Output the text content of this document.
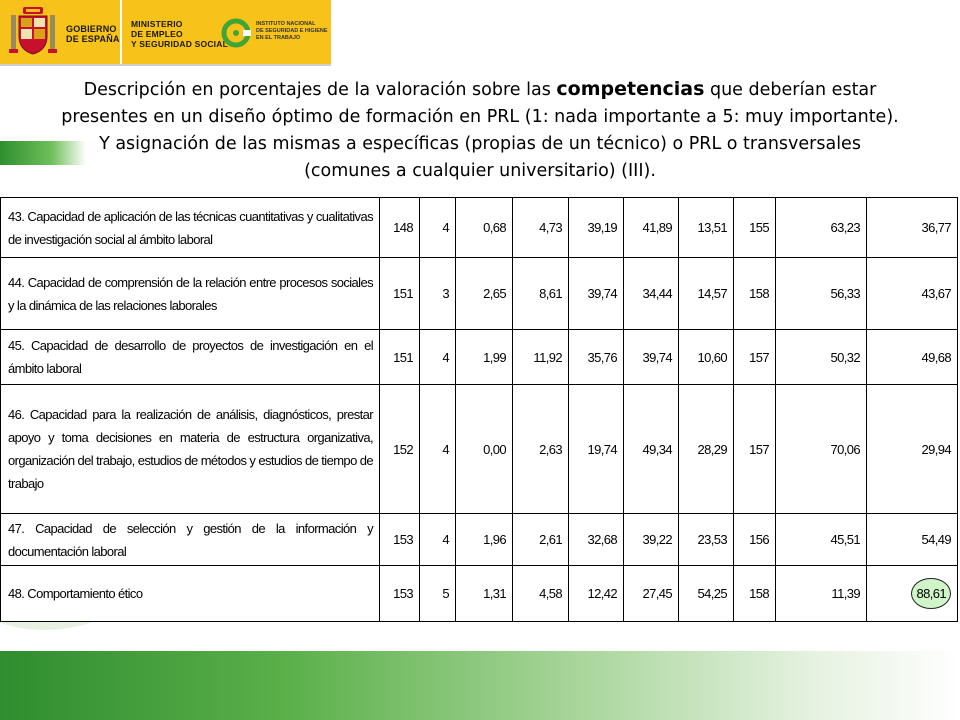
GOBIERNO
DE ESPAÑA
MINISTERIO
DE EMPLEO
Y SEGURIDAD SOCIAL
INSTITUTO NACIONAL
DE SEGURIDAD E HIGIENE
EN EL TRABAJO
Descripción en porcentajes de la valoración sobre las competencias que deberían estar presentes en un diseño óptimo de formación en PRL (1: nada importante a 5: muy importante). Y asignación de las mismas a específicas (propias de un técnico) o PRL o transversales (comunes a cualquier universitario) (III).
43. Capacidad de aplicación de las técnicas cuantitativas y cualitativas de investigación social al ámbito laboral	148	4	0,68	4,73	39,19	41,89	13,51	155	63,23	36,77
44. Capacidad de comprensión de la relación entre procesos sociales y la dinámica de las relaciones laborales	151	3	2,65	8,61	39,74	34,44	14,57	158	56,33	43,67
45. Capacidad de desarrollo de proyectos de investigación en el ámbito laboral	151	4	1,99	11,92	35,76	39,74	10,60	157	50,32	49,68
46. Capacidad para la realización de análisis, diagnósticos, prestar apoyo y toma decisiones en materia de estructura organizativa, organización del trabajo, estudios de métodos y estudios de tiempo de trabajo	152	4	0,00	2,63	19,74	49,34	28,29	157	70,06	29,94
47. Capacidad de selección y gestión de la información y documentación laboral	153	4	1,96	2,61	32,68	39,22	23,53	156	45,51	54,49
48. Comportamiento ético	153	5	1,31	4,58	12,42	27,45	54,25	158	11,39	88,61
